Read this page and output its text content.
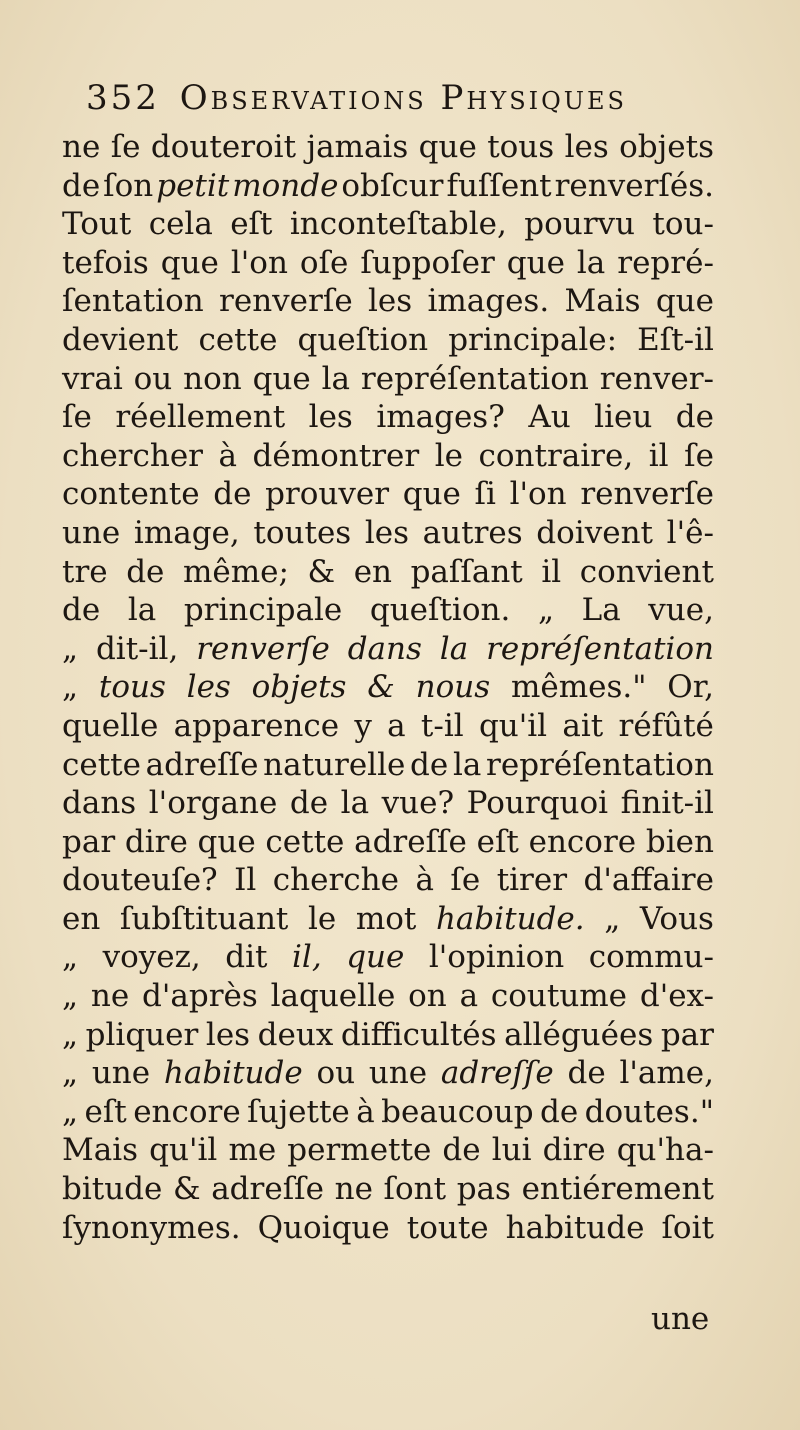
352 Observations Physiques
ne ſe douteroit jamais que tous les objets
de ſon petit monde obſcur fuſſent renverſés.
Tout cela eſt inconteſtable, pourvu tou-
tefois que l'on oſe ſuppoſer que la repré-
ſentation renverſe les images. Mais que
devient cette queſtion principale: Eſt-il
vrai ou non que la repréſentation renver-
ſe réellement les images? Au lieu de
chercher à démontrer le contraire, il ſe
contente de prouver que ſi l'on renverſe
une image, toutes les autres doivent l'ê-
tre de même; & en paſſant il convient
de la principale queſtion. „ La vue,
„ dit-il, renverſe dans la repréſentation
„ tous les objets & nous mêmes." Or,
quelle apparence y a t-il qu'il ait réfûté
cette adreſſe naturelle de la repréſentation
dans l'organe de la vue? Pourquoi finit-il
par dire que cette adreſſe eſt encore bien
douteuſe? Il cherche à ſe tirer d'affaire
en ſubſtituant le mot habitude. „ Vous
„ voyez, dit il, que l'opinion commu-
„ ne d'après laquelle on a coutume d'ex-
„ pliquer les deux difficultés alléguées par
„ une habitude ou une adreſſe de l'ame,
„ eſt encore ſujette à beaucoup de doutes."
Mais qu'il me permette de lui dire qu'ha-
bitude & adreſſe ne ſont pas entiérement
ſynonymes. Quoique toute habitude ſoit
une
